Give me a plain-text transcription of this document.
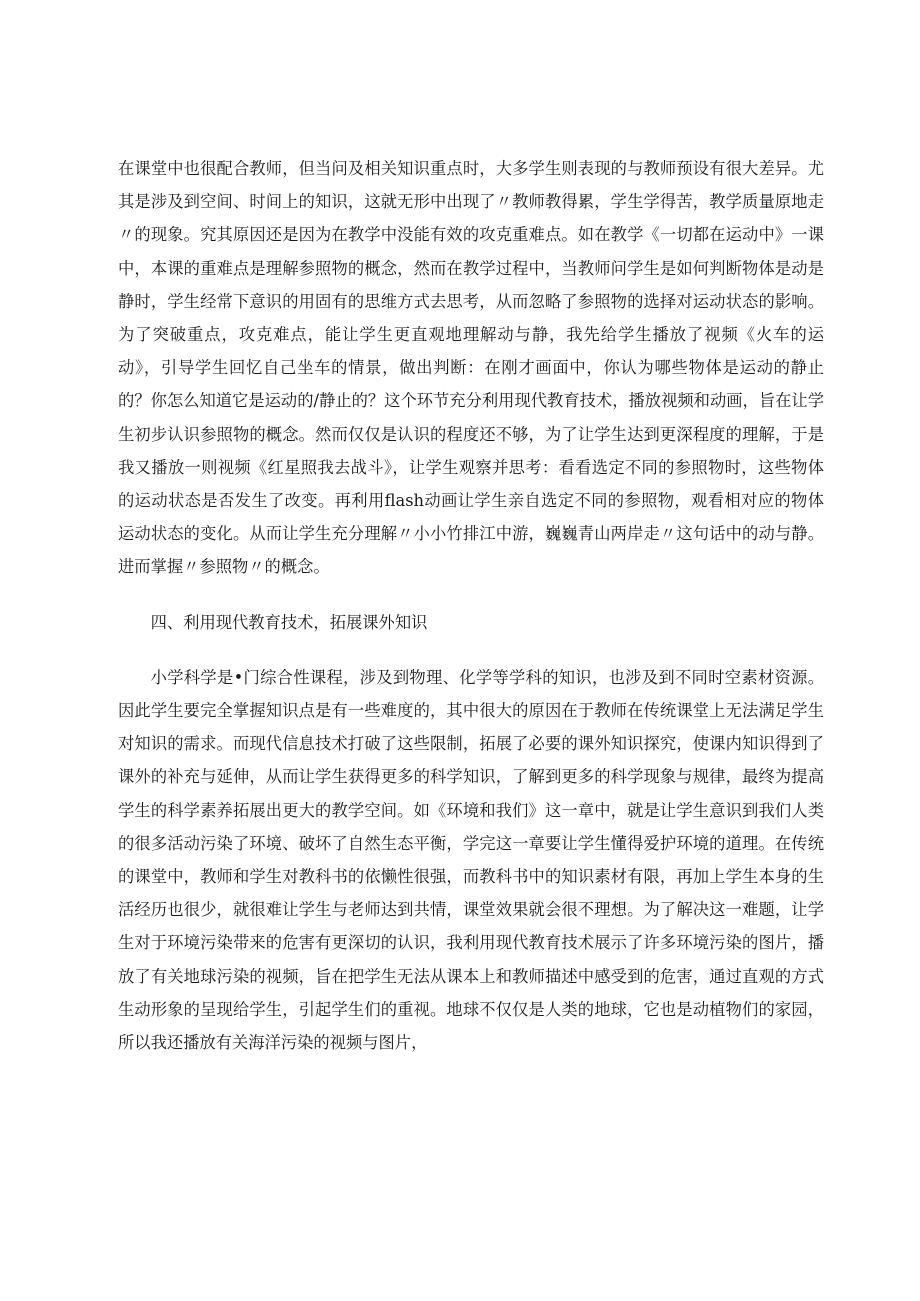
在课堂中也很配合教师，但当问及相关知识重点时，大多学生则表现的与教师预设有很大差异。尤其是涉及到空间、时间上的知识，这就无形中出现了〃教师教得累，学生学得苦，教学质量原地走〃的现象。究其原因还是因为在教学中没能有效的攻克重难点。如在教学《一切都在运动中》一课中，本课的重难点是理解参照物的概念，然而在教学过程中，当教师问学生是如何判断物体是动是静时，学生经常下意识的用固有的思维方式去思考，从而忽略了参照物的选择对运动状态的影响。为了突破重点，攻克难点，能让学生更直观地理解动与静，我先给学生播放了视频《火车的运动》，引导学生回忆自己坐车的情景，做出判断：在刚才画面中，你认为哪些物体是运动的静止的？你怎么知道它是运动的/静止的？这个环节充分利用现代教育技术，播放视频和动画，旨在让学生初步认识参照物的概念。然而仅仅是认识的程度还不够，为了让学生达到更深程度的理解，于是我又播放一则视频《红星照我去战斗》，让学生观察并思考：看看选定不同的参照物时，这些物体的运动状态是否发生了改变。再利用flash动画让学生亲自选定不同的参照物，观看相对应的物体运动状态的变化。从而让学生充分理解〃小小竹排江中游，巍巍青山两岸走〃这句话中的动与静。进而掌握〃参照物〃的概念。

四、利用现代教育技术，拓展课外知识

小学科学是•门综合性课程，涉及到物理、化学等学科的知识，也涉及到不同时空素材资源。因此学生要完全掌握知识点是有一些难度的，其中很大的原因在于教师在传统课堂上无法满足学生对知识的需求。而现代信息技术打破了这些限制，拓展了必要的课外知识探究，使课内知识得到了课外的补充与延伸，从而让学生获得更多的科学知识，了解到更多的科学现象与规律，最终为提高学生的科学素养拓展出更大的教学空间。如《环境和我们》这一章中，就是让学生意识到我们人类的很多活动污染了环境、破坏了自然生态平衡，学完这一章要让学生懂得爱护环境的道理。在传统的课堂中，教师和学生对教科书的依懒性很强，而教科书中的知识素材有限，再加上学生本身的生活经历也很少，就很难让学生与老师达到共情，课堂效果就会很不理想。为了解决这一难题，让学生对于环境污染带来的危害有更深切的认识，我利用现代教育技术展示了许多环境污染的图片，播放了有关地球污染的视频，旨在把学生无法从课本上和教师描述中感受到的危害，通过直观的方式生动形象的呈现给学生，引起学生们的重视。地球不仅仅是人类的地球，它也是动植物们的家园，所以我还播放有关海洋污染的视频与图片，
